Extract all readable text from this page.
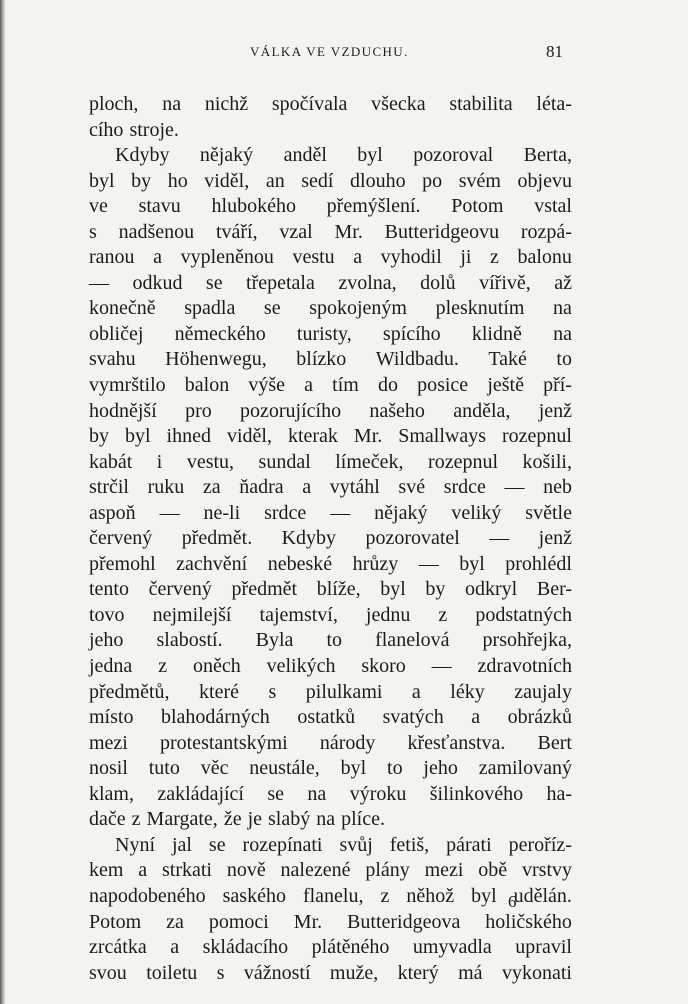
VÁLKA VE VZDUCHU.	81
ploch, na nichž spočívala všecka stabilita léta-
cího stroje.
Kdyby nějaký anděl byl pozoroval Berta,
byl by ho viděl, an sedí dlouho po svém objevu
ve stavu hlubokého přemýšlení. Potom vstal
s nadšenou tváří, vzal Mr. Butteridgeovu rozpá-
ranou a vypleněnou vestu a vyhodil ji z balonu
— odkud se třepetala zvolna, dolů vířivě, až
konečně spadla se spokojeným plesknutím na
obličej německého turisty, spícího klidně na
svahu Höhenwegu, blízko Wildbadu. Také to
vymrštilo balon výše a tím do posice ještě pří-
hodnější pro pozorujícího našeho anděla, jenž
by byl ihned viděl, kterak Mr. Smallways rozepnul
kabát i vestu, sundal límeček, rozepnul košili,
strčil ruku za ňadra a vytáhl své srdce — neb
aspoň — ne-li srdce — nějaký veliký světle
červený předmět. Kdyby pozorovatel — jenž
přemohl zachvění nebeské hrůzy — byl prohlédl
tento červený předmět blíže, byl by odkryl Ber-
tovo nejmilejší tajemství, jednu z podstatných
jeho slabostí. Byla to flanelová prsohřejka,
jedna z oněch velikých skoro — zdravotních
předmětů, které s pilulkami a léky zaujaly
místo blahodárných ostatků svatých a obrázků
mezi protestantskými národy křesťanstva. Bert
nosil tuto věc neustále, byl to jeho zamilovaný
klam, zakládající se na výroku šilinkového ha-
dače z Margate, že je slabý na plíce.
Nyní jal se rozepínati svůj fetiš, párati peroříz-
kem a strkati nově nalezené plány mezi obě vrstvy
napodobeného saského flanelu, z něhož byl udělán.
Potom za pomoci Mr. Butteridgeova holičského
zrcátka a skládacího plátěného umyvadla upravil
svou toiletu s vážností muže, který má vykonati
6
